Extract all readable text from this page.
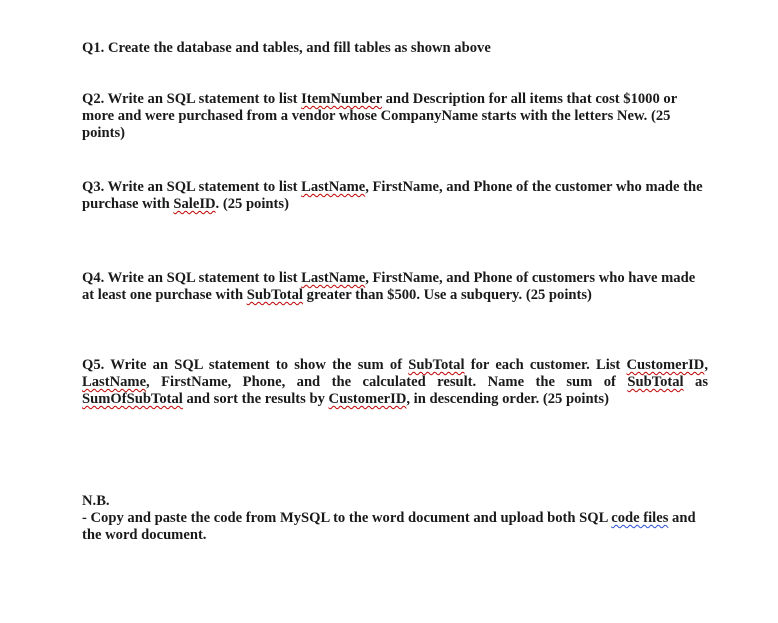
Q1. Create the database and tables, and fill tables as shown above

Q2. Write an SQL statement to list ItemNumber and Description for all items that cost $1000 or more and were purchased from a vendor whose CompanyName starts with the letters New. (25 points)

Q3. Write an SQL statement to list LastName, FirstName, and Phone of the customer who made the purchase with SaleID. (25 points)

Q4. Write an SQL statement to list LastName, FirstName, and Phone of customers who have made at least one purchase with SubTotal greater than $500. Use a subquery. (25 points)

Q5. Write an SQL statement to show the sum of SubTotal for each customer. List CustomerID, LastName, FirstName, Phone, and the calculated result. Name the sum of SubTotal as SumOfSubTotal and sort the results by CustomerID, in descending order. (25 points)

N.B.

- Copy and paste the code from MySQL to the word document and upload both SQL code files and the word document.
